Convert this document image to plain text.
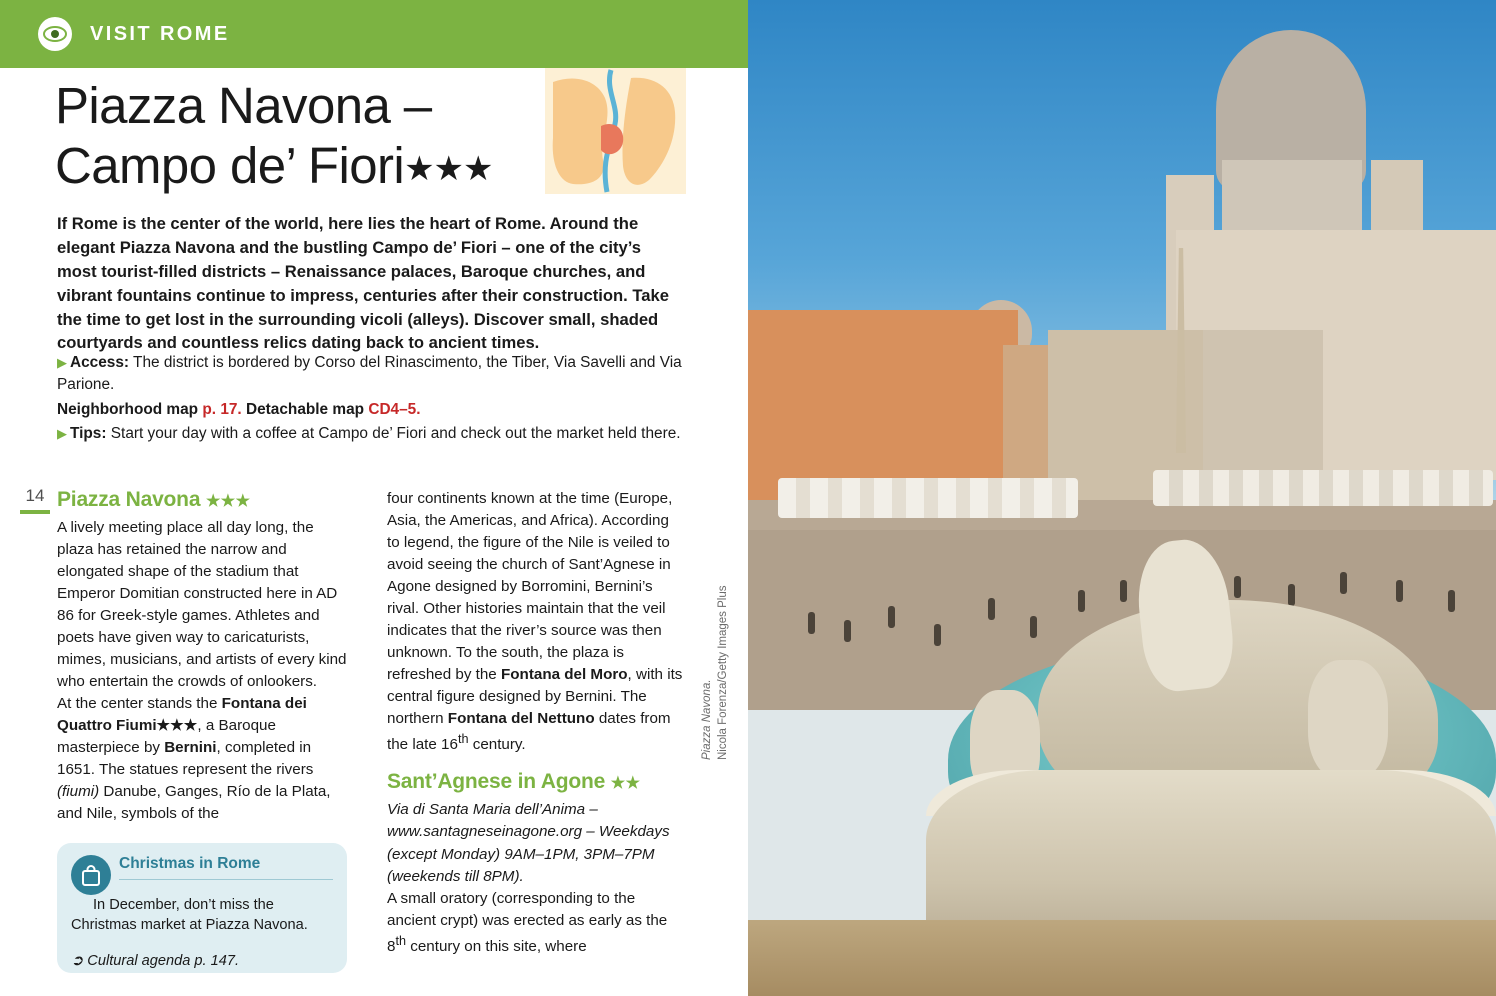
VISIT ROME
Piazza Navona –
Campo de’ Fiori★★★
If Rome is the center of the world, here lies the heart of Rome. Around the elegant Piazza Navona and the bustling Campo de’ Fiori – one of the city’s most tourist-filled districts – Renaissance palaces, Baroque churches, and vibrant fountains continue to impress, centuries after their construction. Take the time to get lost in the surrounding vicoli (alleys). Discover small, shaded courtyards and countless relics dating back to ancient times.

▶ Access: The district is bordered by Corso del Rinascimento, the Tiber, Via Savelli and Via Parione.

Neighborhood map p. 17. Detachable map CD4–5.

▶ Tips: Start your day with a coffee at Campo de’ Fiori and check out the market held there.

14 Piazza Navona ★★★

A lively meeting place all day long, the plaza has retained the narrow and elongated shape of the stadium that Emperor Domitian constructed here in AD 86 for Greek-style games. Athletes and poets have given way to caricaturists, mimes, musicians, and artists of every kind who entertain the crowds of onlookers.

At the center stands the Fontana dei Quattro Fiumi★★★, a Baroque masterpiece by Bernini, completed in 1651. The statues represent the rivers (fiumi) Danube, Ganges, Río de la Plata, and Nile, symbols of the

four continents known at the time (Europe, Asia, the Americas, and Africa). According to legend, the figure of the Nile is veiled to avoid seeing the church of Sant’Agnese in Agone designed by Borromini, Bernini’s rival. Other histories maintain that the veil indicates that the river’s source was then unknown. To the south, the plaza is refreshed by the Fontana del Moro, with its central figure designed by Bernini. The northern Fontana del Nettuno dates from the late 16th century.

Sant’Agnese in Agone ★★

Via di Santa Maria dell’Anima – www.santagneseinagone.org – Weekdays (except Monday) 9AM–1PM, 3PM–7PM (weekends till 8PM).

A small oratory (corresponding to the ancient crypt) was erected as early as the 8th century on this site, where

Christmas in Rome

In December, don’t miss the Christmas market at Piazza Navona.

➲ Cultural agenda p. 147.

Piazza Navona. Nicola Forenza/Getty Images Plus
